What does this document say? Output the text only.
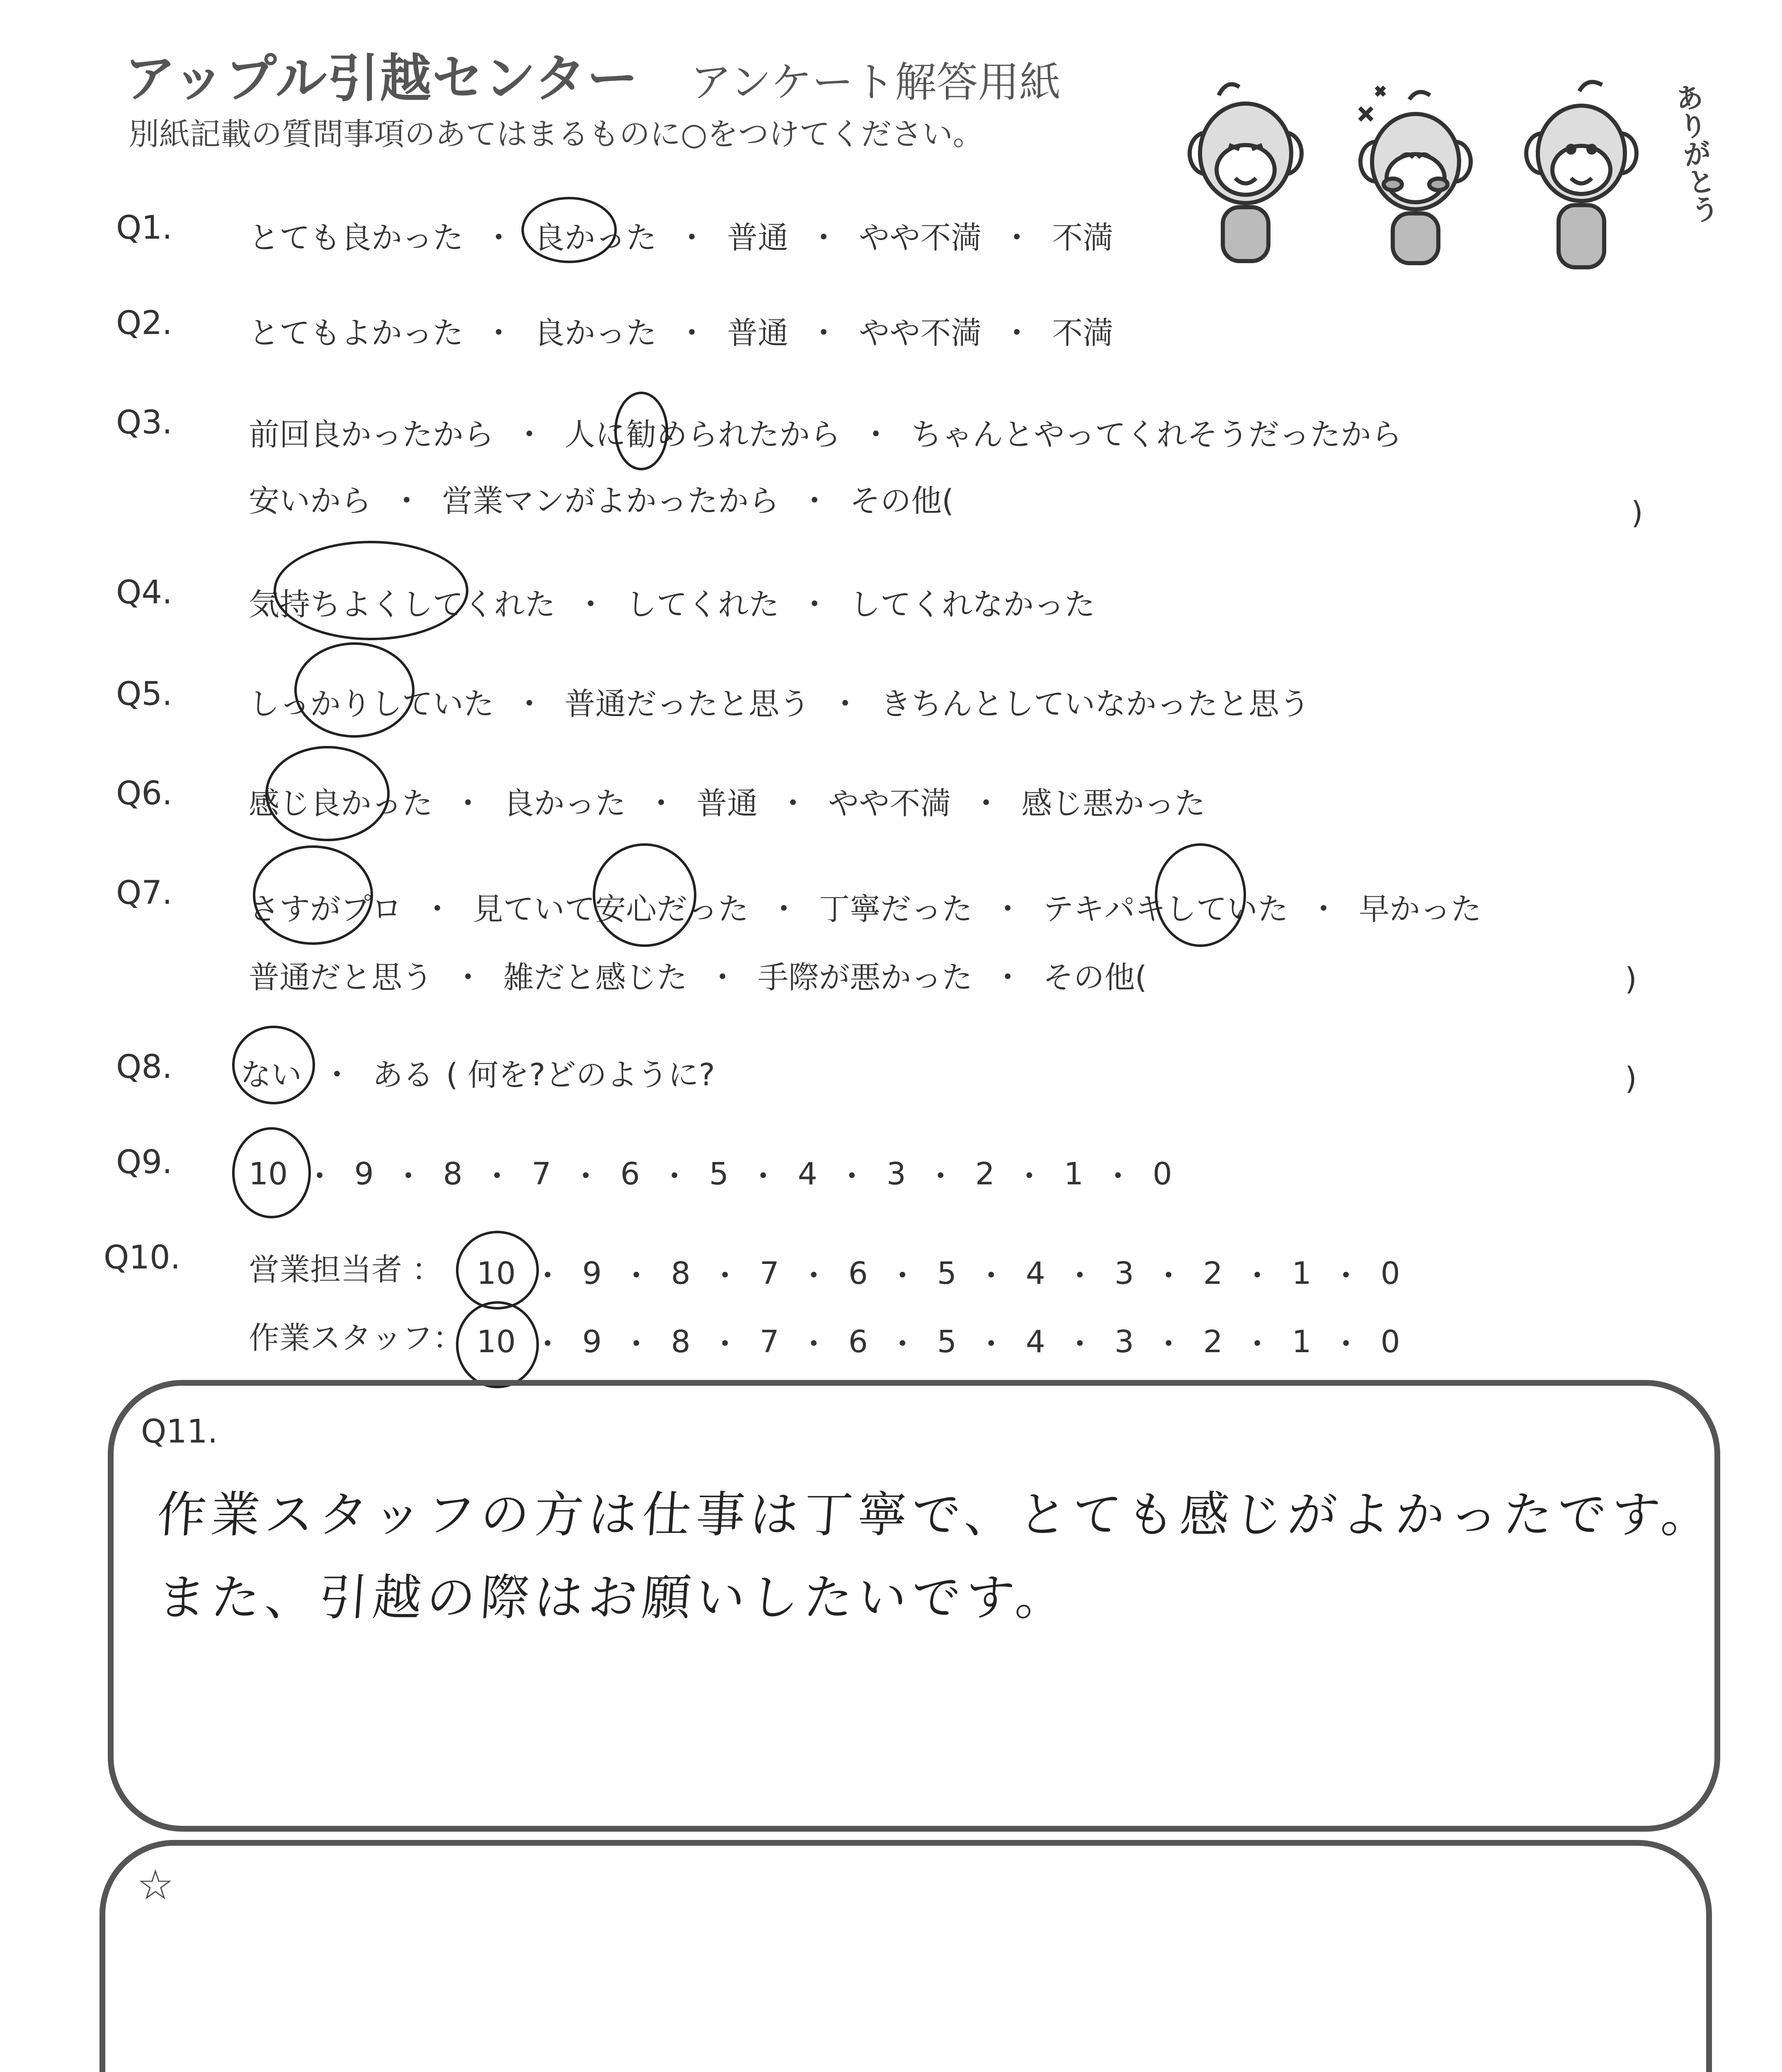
アップル引越センター アンケート解答用紙
別紙記載の質問事項のあてはまるものに○をつけてください。	ありがとう
Q1. とても良かった ・ 良かった ・ 普通 ・ やや不満 ・ 不満
Q2. とてもよかった ・ 良かった ・ 普通 ・ やや不満 ・ 不満
Q3. 前回良かったから ・ 人に勧められたから ・ ちゃんとやってくれそうだったから
安いから ・ 営業マンがよかったから ・ その他(	)
Q4. 気持ちよくしてくれた ・ してくれた ・ してくれなかった
Q5. しっかりしていた ・ 普通だったと思う ・ きちんとしていなかったと思う
Q6. 感じ良かった ・ 良かった ・ 普通 ・ やや不満 ・ 感じ悪かった
Q7. さすがプロ ・ 見ていて安心だった ・ 丁寧だった ・ テキパキしていた ・ 早かった
普通だと思う ・ 雑だと感じた ・ 手際が悪かった ・ その他(	)
Q8. ない ・ ある ( 何を?どのように?	)
Q9. 10 ・ 9 ・ 8 ・ 7 ・ 6 ・ 5 ・ 4 ・ 3 ・ 2 ・ 1 ・ 0
Q10. 営業担当者 ： 10 ・ 9 ・ 8 ・ 7 ・ 6 ・ 5 ・ 4 ・ 3 ・ 2 ・ 1 ・ 0
作業スタッフ： 10 ・ 9 ・ 8 ・ 7 ・ 6 ・ 5 ・ 4 ・ 3 ・ 2 ・ 1 ・ 0
Q11.
作業スタッフの方は仕事は丁寧で、とても感じがよかったです。
また、引越の際はお願いしたいです。
☆
